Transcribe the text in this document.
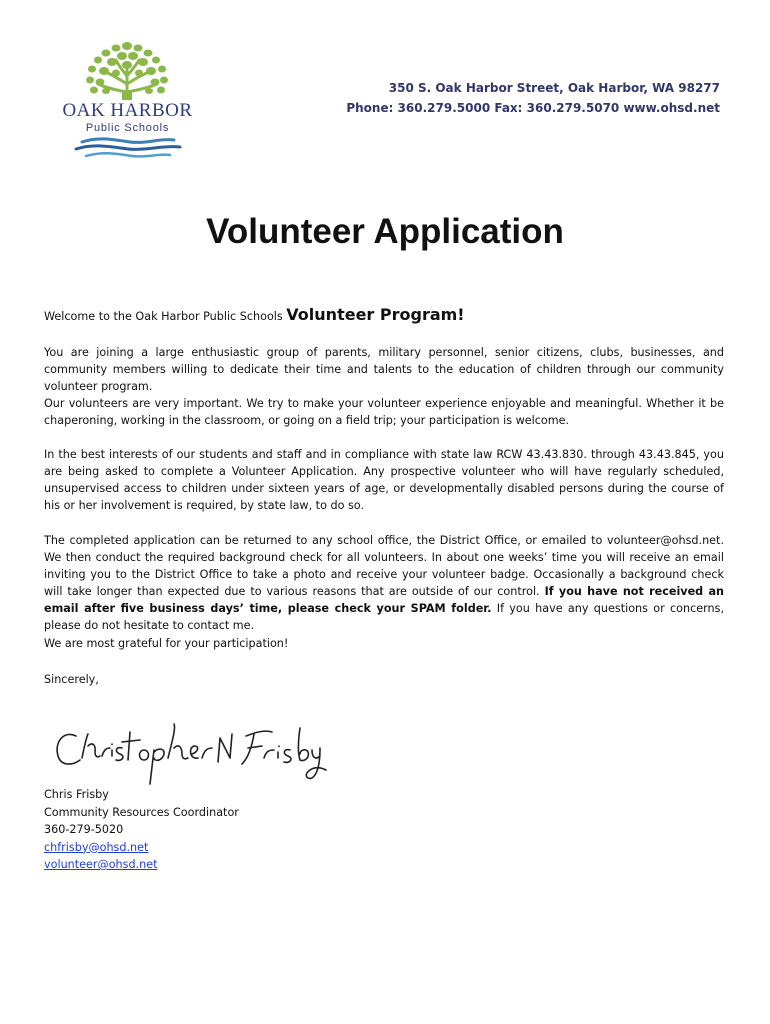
OAK HARBOR
Public Schools
350 S. Oak Harbor Street, Oak Harbor, WA 98277
Phone: 360.279.5000 Fax: 360.279.5070 www.ohsd.net
Volunteer Application
Welcome to the Oak Harbor Public Schools Volunteer Program!
You are joining a large enthusiastic group of parents, military personnel, senior citizens, clubs, businesses, and community members willing to dedicate their time and talents to the education of children through our community volunteer program.
Our volunteers are very important. We try to make your volunteer experience enjoyable and meaningful. Whether it be chaperoning, working in the classroom, or going on a field trip; your participation is welcome.
In the best interests of our students and staff and in compliance with state law RCW 43.43.830. through 43.43.845, you are being asked to complete a Volunteer Application. Any prospective volunteer who will have regularly scheduled, unsupervised access to children under sixteen years of age, or developmentally disabled persons during the course of his or her involvement is required, by state law, to do so.
The completed application can be returned to any school office, the District Office, or emailed to volunteer@ohsd.net. We then conduct the required background check for all volunteers. In about one weeks’ time you will receive an email inviting you to the District Office to take a photo and receive your volunteer badge. Occasionally a background check will take longer than expected due to various reasons that are outside of our control. If you have not received an email after five business days’ time, please check your SPAM folder. If you have any questions or concerns, please do not hesitate to contact me.
We are most grateful for your participation!
Sincerely,
Chris Frisby
Community Resources Coordinator
360-279-5020
chfrisby@ohsd.net
volunteer@ohsd.net
